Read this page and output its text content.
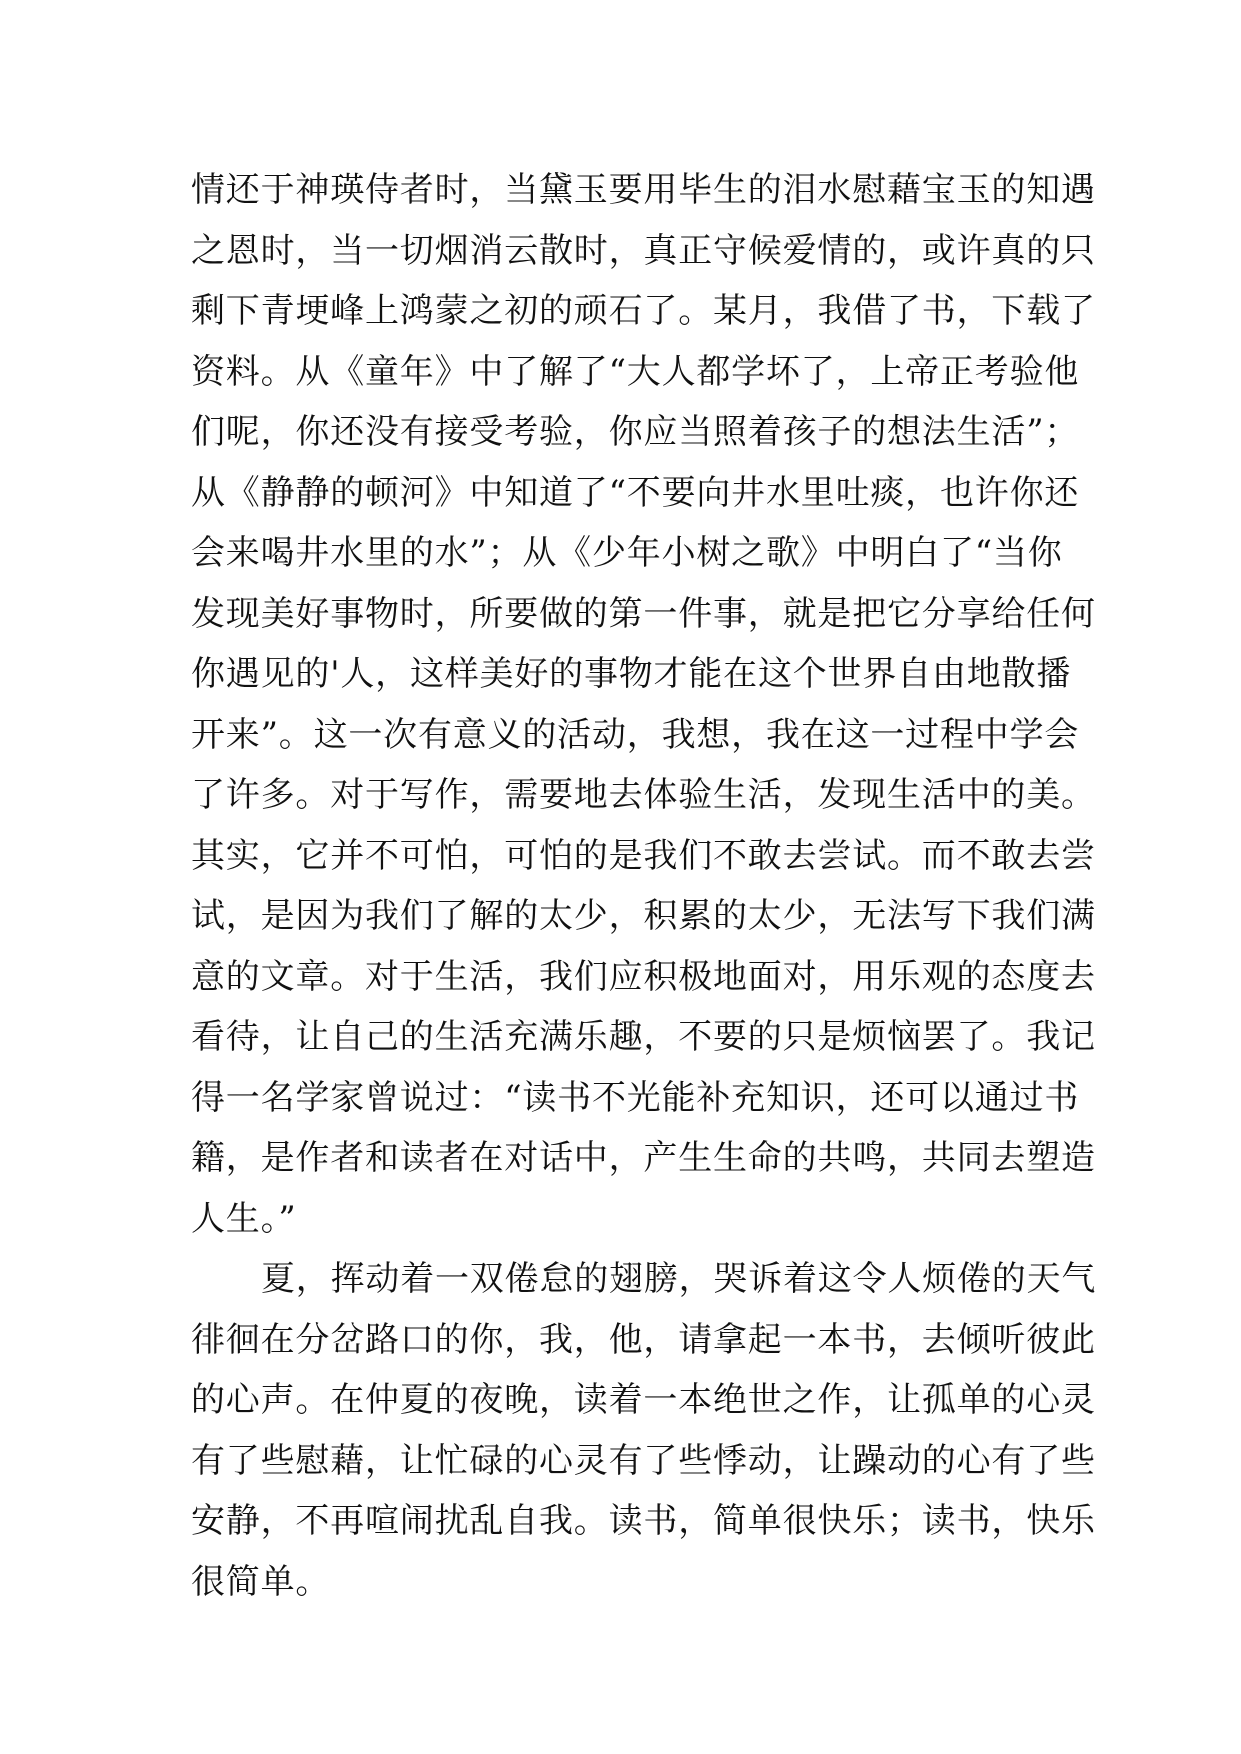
情还于神瑛侍者时，当黛玉要用毕生的泪水慰藉宝玉的知遇
之恩时，当一切烟消云散时，真正守候爱情的，或许真的只
剩下青埂峰上鸿蒙之初的顽石了。某月，我借了书，下载了
资料。从《童年》中了解了“大人都学坏了，上帝正考验他
们呢，你还没有接受考验，你应当照着孩子的想法生活”；
从《静静的顿河》中知道了“不要向井水里吐痰，也许你还
会来喝井水里的水”；从《少年小树之歌》中明白了“当你
发现美好事物时，所要做的第一件事，就是把它分享给任何
你遇见的'人，这样美好的事物才能在这个世界自由地散播
开来”。这一次有意义的活动，我想，我在这一过程中学会
了许多。对于写作，需要地去体验生活，发现生活中的美。
其实，它并不可怕，可怕的是我们不敢去尝试。而不敢去尝
试，是因为我们了解的太少，积累的太少，无法写下我们满
意的文章。对于生活，我们应积极地面对，用乐观的态度去
看待，让自己的生活充满乐趣，不要的只是烦恼罢了。我记
得一名学家曾说过：“读书不光能补充知识，还可以通过书
籍，是作者和读者在对话中，产生生命的共鸣，共同去塑造
人生。”
夏，挥动着一双倦怠的翅膀，哭诉着这令人烦倦的天气
徘徊在分岔路口的你，我，他，请拿起一本书，去倾听彼此
的心声。在仲夏的夜晚，读着一本绝世之作，让孤单的心灵
有了些慰藉，让忙碌的心灵有了些悸动，让躁动的心有了些
安静，不再喧闹扰乱自我。读书，简单很快乐；读书，快乐
很简单。
